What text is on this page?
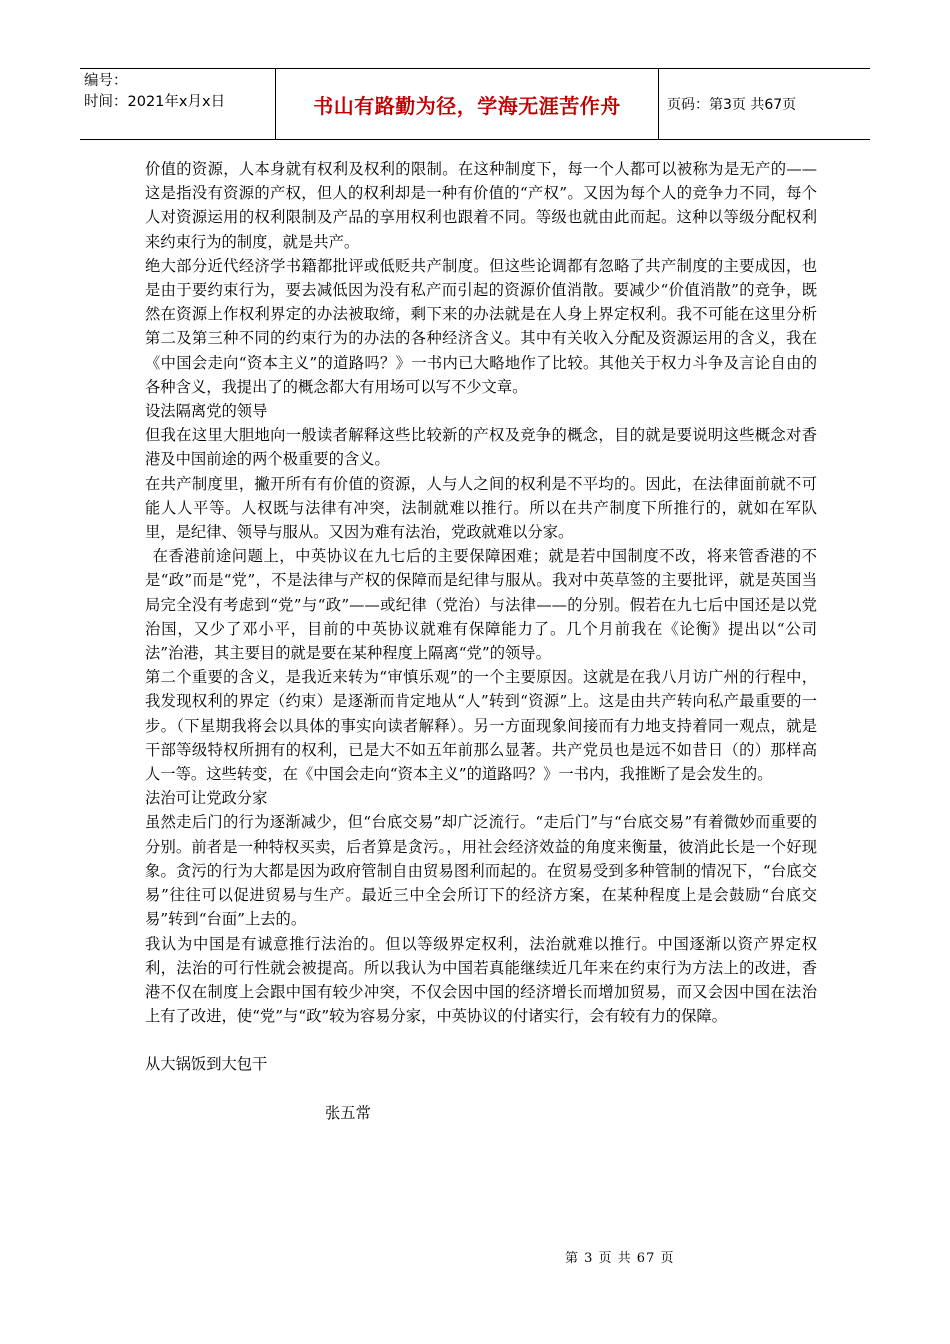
编号：
时间：2021年x月x日	书山有路勤为径，学海无涯苦作舟	页码：第3页 共67页

价值的资源，人本身就有权利及权利的限制。在这种制度下，每一个人都可以被称为是无产的——这是指没有资源的产权，但人的权利却是一种有价值的“产权”。又因为每个人的竞争力不同，每个人对资源运用的权利限制及产品的享用权利也跟着不同。等级也就由此而起。这种以等级分配权利来约束行为的制度，就是共产。

绝大部分近代经济学书籍都批评或低贬共产制度。但这些论调都有忽略了共产制度的主要成因，也是由于要约束行为，要去减低因为没有私产而引起的资源价值消散。要减少“价值消散”的竞争，既然在资源上作权利界定的办法被取缔，剩下来的办法就是在人身上界定权利。我不可能在这里分析第二及第三种不同的约束行为的办法的各种经济含义。其中有关收入分配及资源运用的含义，我在《中国会走向“资本主义”的道路吗？》一书内已大略地作了比较。其他关于权力斗争及言论自由的各种含义，我提出了的概念都大有用场可以写不少文章。

设法隔离党的领导

但我在这里大胆地向一般读者解释这些比较新的产权及竞争的概念，目的就是要说明这些概念对香港及中国前途的两个极重要的含义。

在共产制度里，撇开所有有价值的资源，人与人之间的权利是不平均的。因此，在法律面前就不可能人人平等。人权既与法律有冲突，法制就难以推行。所以在共产制度下所推行的，就如在军队里，是纪律、领导与服从。又因为难有法治，党政就难以分家。

在香港前途问题上，中英协议在九七后的主要保障困难；就是若中国制度不改，将来管香港的不是“政”而是“党”，不是法律与产权的保障而是纪律与服从。我对中英草签的主要批评，就是英国当局完全没有考虑到“党”与“政”——或纪律（党治）与法律——的分别。假若在九七后中国还是以党治国，又少了邓小平，目前的中英协议就难有保障能力了。几个月前我在《论衡》提出以“公司法”治港，其主要目的就是要在某种程度上隔离“党”的领导。

第二个重要的含义，是我近来转为“审慎乐观”的一个主要原因。这就是在我八月访广州的行程中，我发现权利的界定（约束）是逐渐而肯定地从“人”转到“资源”上。这是由共产转向私产最重要的一步。（下星期我将会以具体的事实向读者解释）。另一方面现象间接而有力地支持着同一观点，就是干部等级特权所拥有的权利，已是大不如五年前那么显著。共产党员也是远不如昔日（的）那样高人一等。这些转变，在《中国会走向“资本主义”的道路吗？》一书内，我推断了是会发生的。

法治可让党政分家

虽然走后门的行为逐渐减少，但“台底交易”却广泛流行。“走后门”与“台底交易”有着微妙而重要的分别。前者是一种特权买卖，后者算是贪污。，用社会经济效益的角度来衡量，彼消此长是一个好现象。贪污的行为大都是因为政府管制自由贸易图利而起的。在贸易受到多种管制的情况下，“台底交易”往往可以促进贸易与生产。最近三中全会所订下的经济方案，在某种程度上是会鼓励“台底交易”转到“台面”上去的。

我认为中国是有诚意推行法治的。但以等级界定权利，法治就难以推行。中国逐渐以资产界定权利，法治的可行性就会被提高。所以我认为中国若真能继续近几年来在约束行为方法上的改进，香港不仅在制度上会跟中国有较少冲突，不仅会因中国的经济增长而增加贸易，而又会因中国在法治上有了改进，使“党”与“政”较为容易分家，中英协议的付诸实行，会有较有力的保障。

从大锅饭到大包干

张五常

第 3 页 共 67 页
